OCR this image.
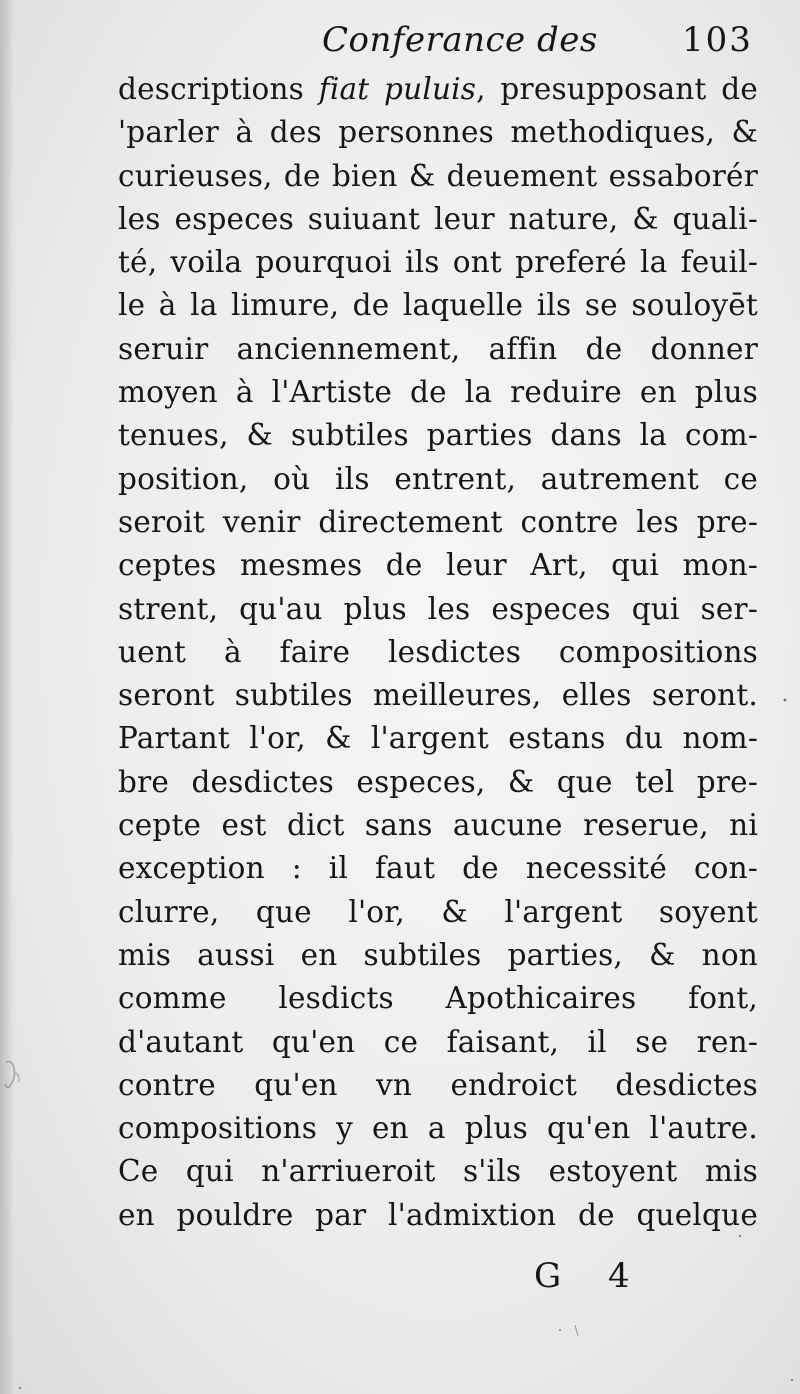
Conferance des 103
descriptions fiat puluis, presupposant de
'parler à des personnes methodiques, &
curieuses, de bien & deuement essaborér
les especes suiuant leur nature, & quali-
té, voila pourquoi ils ont preferé la feuil-
le à la limure, de laquelle ils se souloyēt
seruir anciennement, affin de donner
moyen à l'Artiste de la reduire en plus
tenues, & subtiles parties dans la com-
position, où ils entrent, autrement ce
seroit venir directement contre les pre-
ceptes mesmes de leur Art, qui mon-
strent, qu'au plus les especes qui ser-
uent à faire lesdictes compositions
seront subtiles meilleures, elles seront.
Partant l'or, & l'argent estans du nom-
bre desdictes especes, & que tel pre-
cepte est dict sans aucune reserue, ni
exception : il faut de necessité con-
clurre, que l'or, & l'argent soyent
mis aussi en subtiles parties, & non
comme lesdicts Apothicaires font,
d'autant qu'en ce faisant, il se ren-
contre qu'en vn endroict desdictes
compositions y en a plus qu'en l'autre.
Ce qui n'arriueroit s'ils estoyent mis
en pouldre par l'admixtion de quelque
G 4
